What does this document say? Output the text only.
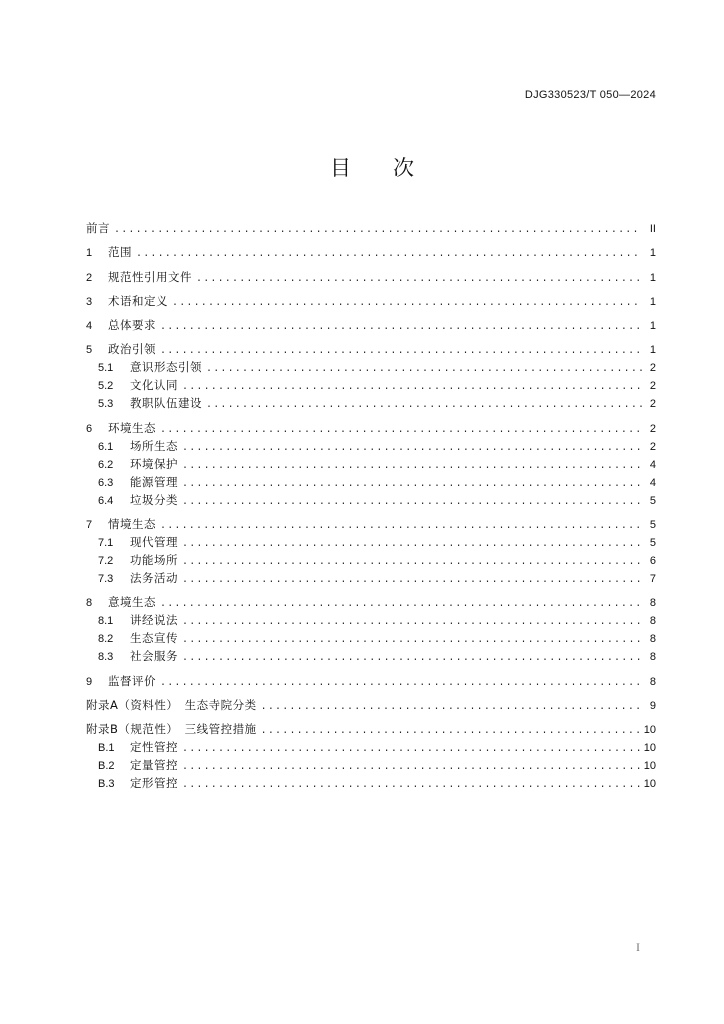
DJG330523/T 050—2024
目　　次
前言 .....	II
1	范围 .....	1
2	规范性引用文件 .....	1
3	术语和定义 .....	1
4	总体要求 .....	1
5	政治引领 .....	1
5.1	意识形态引领 .....	2
5.2	文化认同 .....	2
5.3	教职队伍建设 .....	2
6	环境生态 .....	2
6.1	场所生态 .....	2
6.2	环境保护 .....	4
6.3	能源管理 .....	4
6.4	垃圾分类 .....	5
7	情境生态 .....	5
7.1	现代管理 .....	5
7.2	功能场所 .....	6
7.3	法务活动 .....	7
8	意境生态 .....	8
8.1	讲经说法 .....	8
8.2	生态宣传 .....	8
8.3	社会服务 .....	8
9	监督评价 .....	8
附录A（资料性）　生态寺院分类 .....	9
附录B（规范性）　三线管控措施 .....	10
B.1	定性管控 .....	10
B.2	定量管控 .....	10
B.3	定形管控 .....	10
I
